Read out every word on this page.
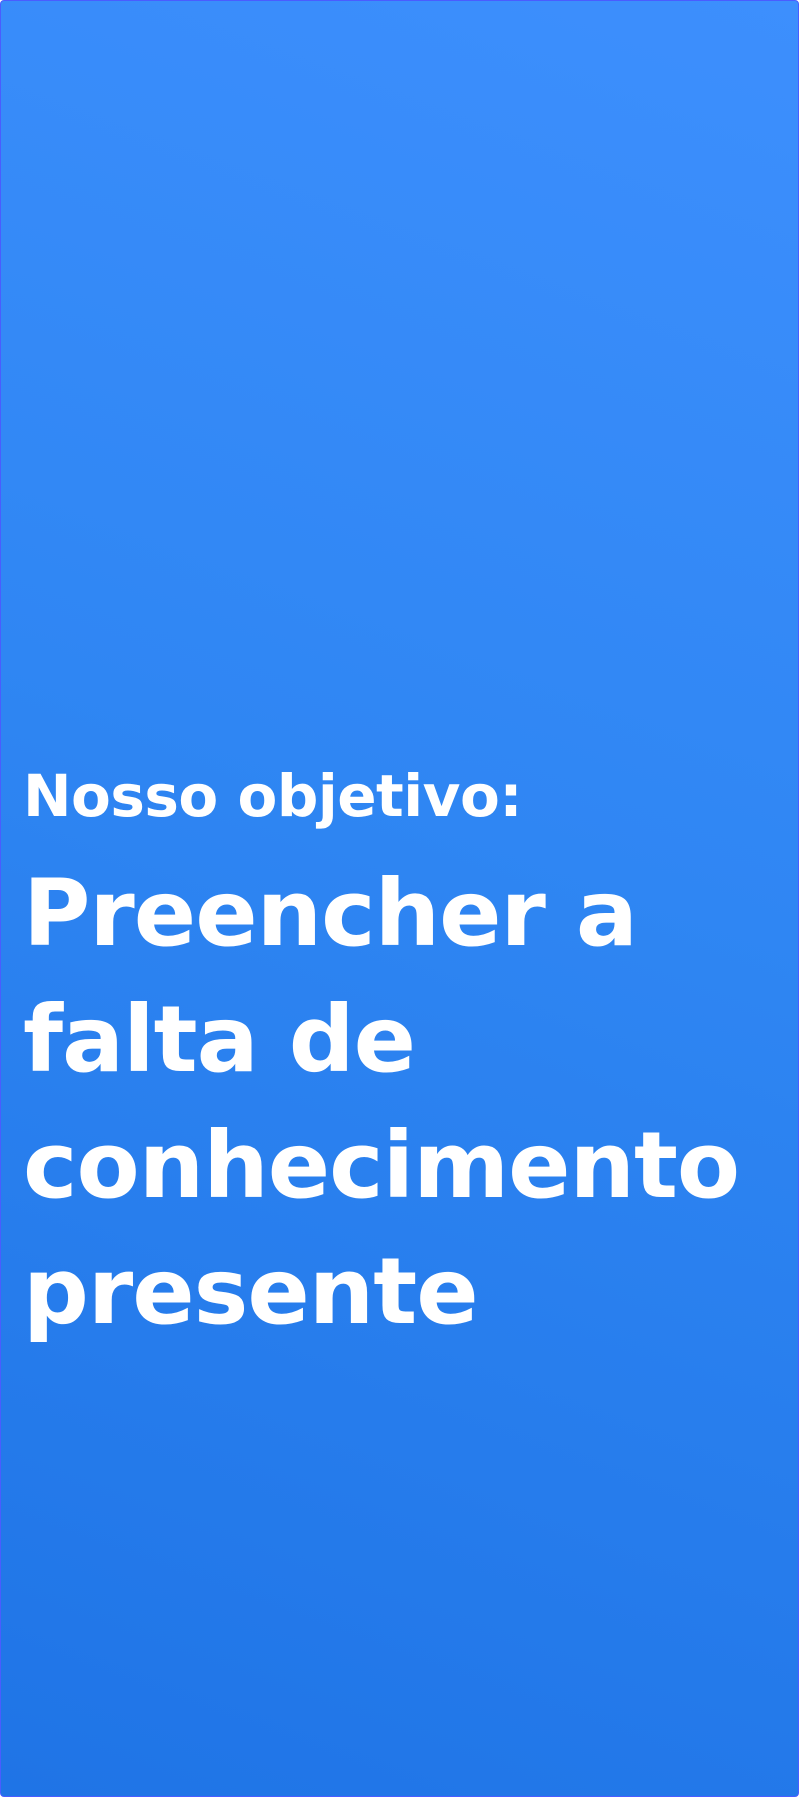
Nosso objetivo:

Preencher a
falta de
conhecimento
presente
